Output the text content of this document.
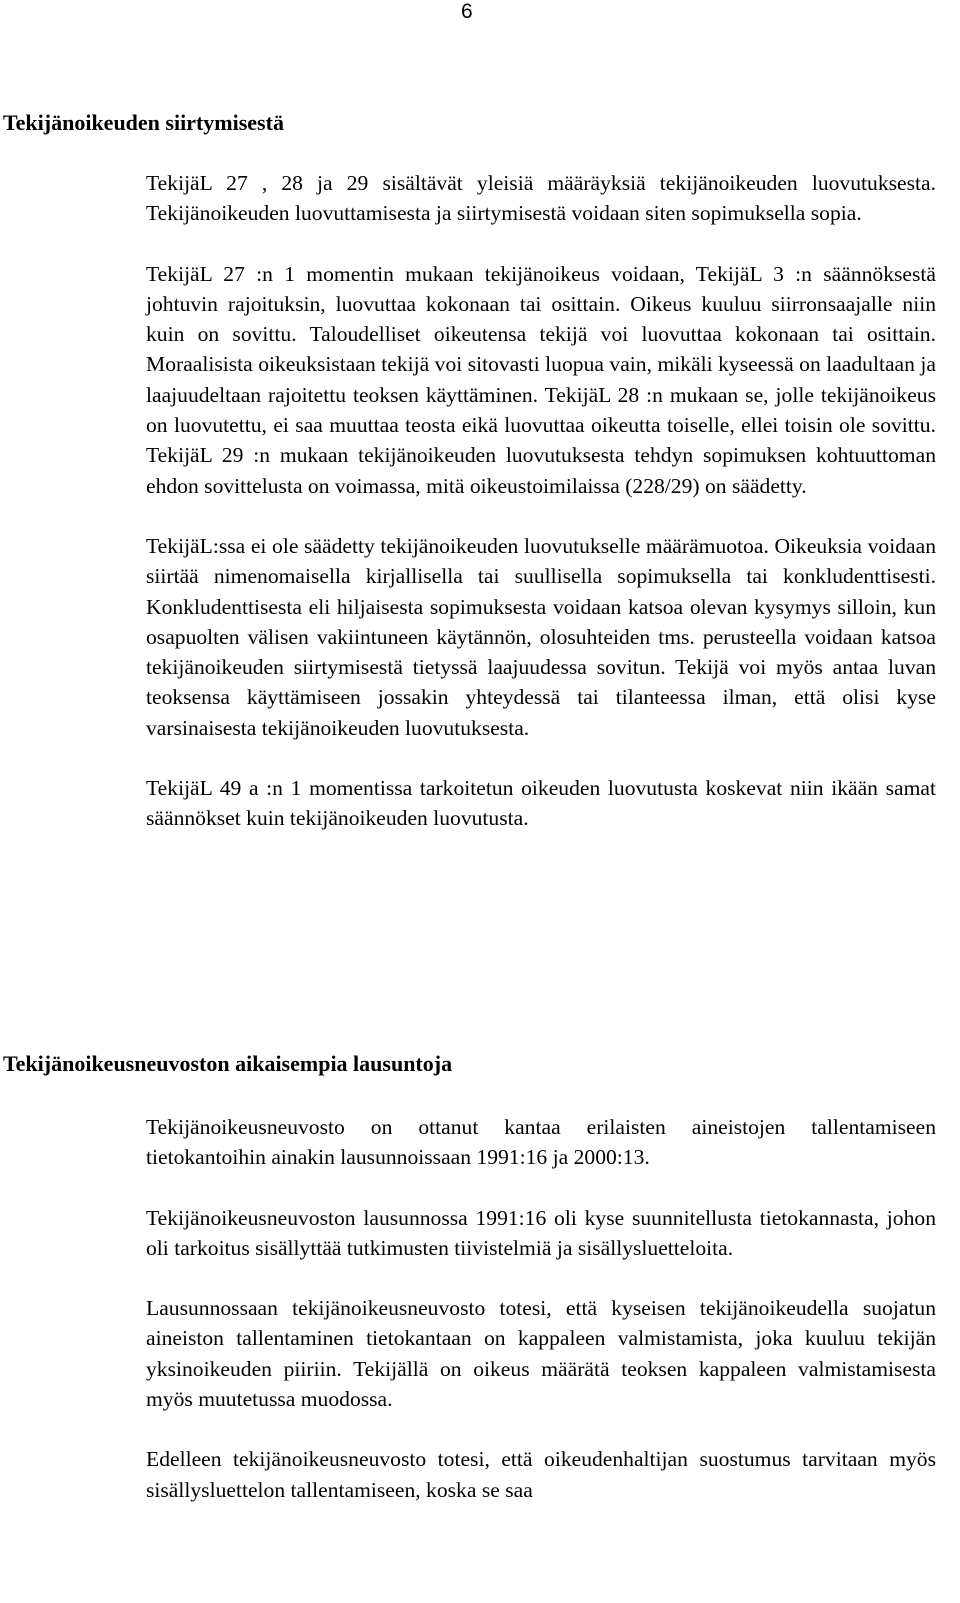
6
Tekijänoikeuden siirtymisestä

TekijäL 27 , 28 ja 29 sisältävät yleisiä määräyksiä tekijänoikeuden luovutuksesta. Tekijänoikeuden luovuttamisesta ja siirtymisestä voidaan siten sopimuksella sopia.

TekijäL 27 :n 1 momentin mukaan tekijänoikeus voidaan, TekijäL 3 :n säännöksestä johtuvin rajoituksin, luovuttaa kokonaan tai osittain. Oikeus kuuluu siirronsaajalle niin kuin on sovittu. Taloudelliset oikeutensa tekijä voi luovuttaa kokonaan tai osittain. Moraalisista oikeuksistaan tekijä voi sitovasti luopua vain, mikäli kyseessä on laadultaan ja laajuudeltaan rajoitettu teoksen käyttäminen. TekijäL 28 :n mukaan se, jolle tekijänoikeus on luovutettu, ei saa muuttaa teosta eikä luovuttaa oikeutta toiselle, ellei toisin ole sovittu. TekijäL 29 :n mukaan tekijänoikeuden luovutuksesta tehdyn sopimuksen kohtuuttoman ehdon sovittelusta on voimassa, mitä oikeustoimilaissa (228/29) on säädetty.

TekijäL:ssa ei ole säädetty tekijänoikeuden luovutukselle määrämuotoa. Oikeuksia voidaan siirtää nimenomaisella kirjallisella tai suullisella sopimuksella tai konkludenttisesti. Konkludenttisesta eli hiljaisesta sopimuksesta voidaan katsoa olevan kysymys silloin, kun osapuolten välisen vakiintuneen käytännön, olosuhteiden tms. perusteella voidaan katsoa tekijänoikeuden siirtymisestä tietyssä laajuudessa sovitun. Tekijä voi myös antaa luvan teoksensa käyttämiseen jossakin yhteydessä tai tilanteessa ilman, että olisi kyse varsinaisesta tekijänoikeuden luovutuksesta.

TekijäL 49 a :n 1 momentissa tarkoitetun oikeuden luovutusta koskevat niin ikään samat säännökset kuin tekijänoikeuden luovutusta.

Tekijänoikeusneuvoston aikaisempia lausuntoja

Tekijänoikeusneuvosto on ottanut kantaa erilaisten aineistojen tallentamiseen tietokantoihin ainakin lausunnoissaan 1991:16 ja 2000:13.

Tekijänoikeusneuvoston lausunnossa 1991:16 oli kyse suunnitellusta tietokannasta, johon oli tarkoitus sisällyttää tutkimusten tiivistelmiä ja sisällysluetteloita.

Lausunnossaan tekijänoikeusneuvosto totesi, että kyseisen tekijänoikeudella suojatun aineiston tallentaminen tietokantaan on kappaleen valmistamista, joka kuuluu tekijän yksinoikeuden piiriin. Tekijällä on oikeus määrätä teoksen kappaleen valmistamisesta myös muutetussa muodossa.

Edelleen tekijänoikeusneuvosto totesi, että oikeudenhaltijan suostumus tarvitaan myös sisällysluettelon tallentamiseen, koska se saa
